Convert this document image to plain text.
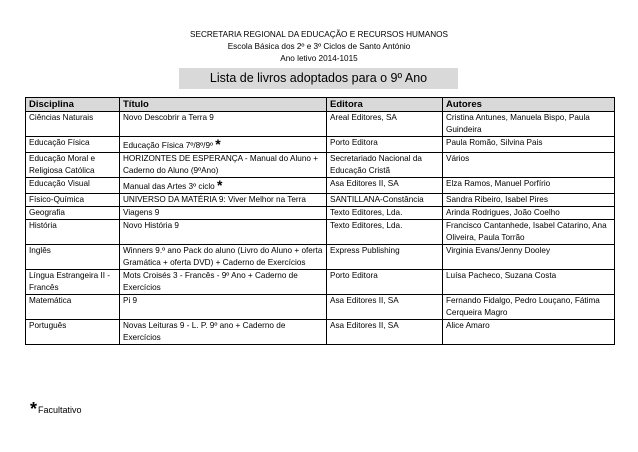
SECRETARIA REGIONAL DA EDUCAÇÃO E RECURSOS HUMANOS
Escola Básica dos 2º e 3º Ciclos de Santo António
Ano letivo 2014-1015
Lista de livros adoptados para o 9º Ano
Disciplina	Título	Editora	Autores
Ciências Naturais	Novo Descobrir a Terra 9	Areal Editores, SA	Cristina Antunes, Manuela Bispo, Paula Guindeira
Educação Física	Educação Física 7º/8º/9º *	Porto Editora	Paula Romão, Silvina Pais
Educação Moral e Religiosa Católica	HORIZONTES DE ESPERANÇA - Manual do Aluno + Caderno do Aluno (9ºAno)	Secretariado Nacional da Educação Cristã	Vários
Educação Visual	Manual das Artes 3º ciclo *	Asa Editores II, SA	Elza Ramos, Manuel Porfírio
Físico-Química	UNIVERSO DA MATÉRIA 9: Viver Melhor na Terra	SANTILLANA-Constância	Sandra Ribeiro, Isabel Pires
Geografia	Viagens 9	Texto Editores, Lda.	Arinda Rodrigues, João Coelho
História	Novo História 9	Texto Editores, Lda.	Francisco Cantanhede, Isabel Catarino, Ana Oliveira, Paula Torrão
Inglês	Winners 9.º ano Pack do aluno (Livro do Aluno + oferta Gramática + oferta DVD) + Caderno de Exercícios	Express Publishing	Virginia Evans/Jenny Dooley
Língua Estrangeira II - Francês	Mots Croisés 3 - Francês - 9º Ano + Caderno de Exercícios	Porto Editora	Luísa Pacheco, Suzana Costa
Matemática	Pi 9	Asa Editores II, SA	Fernando Fidalgo, Pedro Louçano, Fátima Cerqueira Magro
Português	Novas Leituras 9 - L. P. 9º ano + Caderno de Exercícios	Asa Editores II, SA	Alice Amaro
*Facultativo
